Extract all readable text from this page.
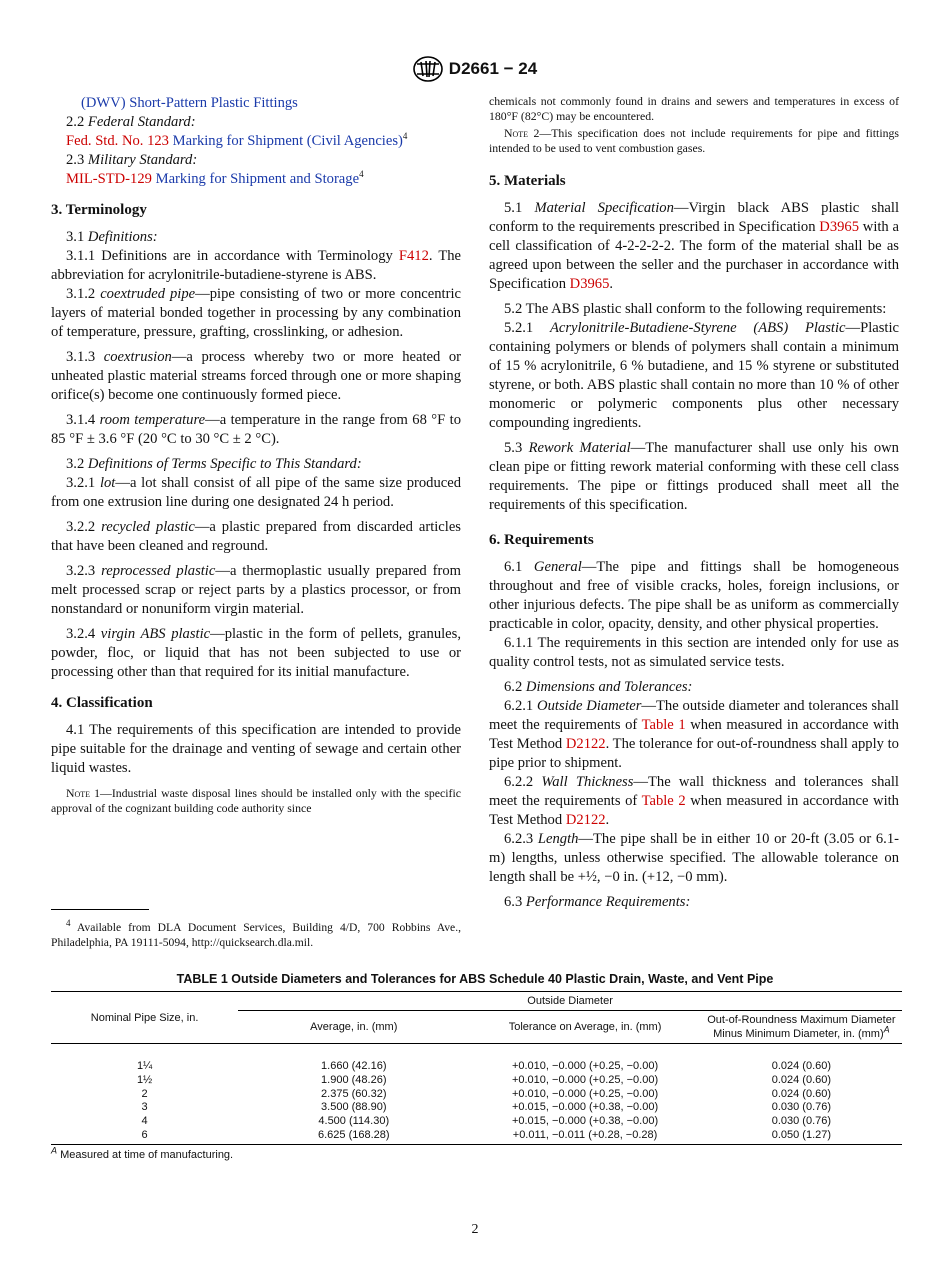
D2661 − 24

(DWV) Short-Pattern Plastic Fittings

2.2 Federal Standard:

Fed. Std. No. 123 Marking for Shipment (Civil Agencies)$^4$

2.3 Military Standard:

MIL-STD-129 Marking for Shipment and Storage$^4$

3. Terminology

3.1 Definitions:

3.1.1 Definitions are in accordance with Terminology F412. The abbreviation for acrylonitrile-butadiene-styrene is ABS.

3.1.2 coextruded pipe—pipe consisting of two or more concentric layers of material bonded together in processing by any combination of temperature, pressure, grafting, crosslinking, or adhesion.

3.1.3 coextrusion—a process whereby two or more heated or unheated plastic material streams forced through one or more shaping orifice(s) become one continuously formed piece.

3.1.4 room temperature—a temperature in the range from 68 °F to 85 °F ± 3.6 °F (20 °C to 30 °C ± 2 °C).

3.2 Definitions of Terms Specific to This Standard:

3.2.1 lot—a lot shall consist of all pipe of the same size produced from one extrusion line during one designated 24 h period.

3.2.2 recycled plastic—a plastic prepared from discarded articles that have been cleaned and reground.

3.2.3 reprocessed plastic—a thermoplastic usually prepared from melt processed scrap or reject parts by a plastics processor, or from nonstandard or nonuniform virgin material.

3.2.4 virgin ABS plastic—plastic in the form of pellets, granules, powder, floc, or liquid that has not been subjected to use or processing other than that required for its initial manufacture.

4. Classification

4.1 The requirements of this specification are intended to provide pipe suitable for the drainage and venting of sewage and certain other liquid wastes.

Note 1—Industrial waste disposal lines should be installed only with the specific approval of the cognizant building code authority since

$^4$ Available from DLA Document Services, Building 4/D, 700 Robbins Ave., Philadelphia, PA 19111-5094, http://quicksearch.dla.mil.

chemicals not commonly found in drains and sewers and temperatures in excess of 180°F (82°C) may be encountered.

Note 2—This specification does not include requirements for pipe and fittings intended to be used to vent combustion gases.

5. Materials

5.1 Material Specification—Virgin black ABS plastic shall conform to the requirements prescribed in Specification D3965 with a cell classification of 4-2-2-2-2. The form of the material shall be as agreed upon between the seller and the purchaser in accordance with Specification D3965.

5.2 The ABS plastic shall conform to the following requirements:

5.2.1 Acrylonitrile-Butadiene-Styrene (ABS) Plastic—Plastic containing polymers or blends of polymers shall contain a minimum of 15 % acrylonitrile, 6 % butadiene, and 15 % styrene or substituted styrene, or both. ABS plastic shall contain no more than 10 % of other monomeric or polymeric components plus other necessary compounding ingredients.

5.3 Rework Material—The manufacturer shall use only his own clean pipe or fitting rework material conforming with these cell class requirements. The pipe or fittings produced shall meet all the requirements of this specification.

6. Requirements

6.1 General—The pipe and fittings shall be homogeneous throughout and free of visible cracks, holes, foreign inclusions, or other injurious defects. The pipe shall be as uniform as commercially practicable in color, opacity, density, and other physical properties.

6.1.1 The requirements in this section are intended only for use as quality control tests, not as simulated service tests.

6.2 Dimensions and Tolerances:

6.2.1 Outside Diameter—The outside diameter and tolerances shall meet the requirements of Table 1 when measured in accordance with Test Method D2122. The tolerance for out-of-roundness shall apply to pipe prior to shipment.

6.2.2 Wall Thickness—The wall thickness and tolerances shall meet the requirements of Table 2 when measured in accordance with Test Method D2122.

6.2.3 Length—The pipe shall be in either 10 or 20-ft (3.05 or 6.1-m) lengths, unless otherwise specified. The allowable tolerance on length shall be +½, −0 in. (+12, −0 mm).

6.3 Performance Requirements:

TABLE 1 Outside Diameters and Tolerances for ABS Schedule 40 Plastic Drain, Waste, and Vent Pipe
Nominal Pipe Size, in.	Outside Diameter		
	Average, in. (mm)	Tolerance on Average, in. (mm)	Out-of-Roundness Maximum Diameter Minus Minimum Diameter, in. (mm)$^A$
1¼	1.660 (42.16)	+0.010, −0.000 (+0.25, −0.00)	0.024 (0.60)
1½	1.900 (48.26)	+0.010, −0.000 (+0.25, −0.00)	0.024 (0.60)
2	2.375 (60.32)	+0.010, −0.000 (+0.25, −0.00)	0.024 (0.60)
3	3.500 (88.90)	+0.015, −0.000 (+0.38, −0.00)	0.030 (0.76)
4	4.500 (114.30)	+0.015, −0.000 (+0.38, −0.00)	0.030 (0.76)
6	6.625 (168.28)	+0.011, −0.011 (+0.28, −0.28)	0.050 (1.27)
$^A$ Measured at time of manufacturing.
2
